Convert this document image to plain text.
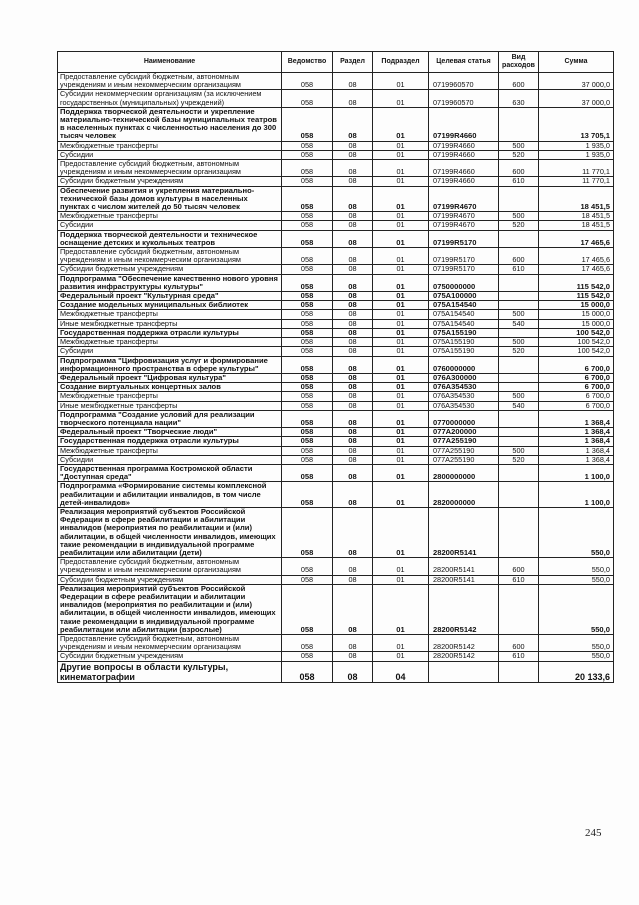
Наименование	Ведомство	Раздел	Подраздел	Целевая статья	Вид расходов	Сумма
Предоставление субсидий бюджетным, автономным учреждениям и иным некоммерческим организациям	058	08	01	0719960570	600	37 000,0
Субсидии некоммерческим организациям (за исключением государственных (муниципальных) учреждений)	058	08	01	0719960570	630	37 000,0
Поддержка творческой деятельности и укрепление материально-технической базы муниципальных театров в населенных пунктах с численностью населения до 300 тысяч человек	058	08	01	07199R4660		13 705,1
Межбюджетные трансферты	058	08	01	07199R4660	500	1 935,0
Субсидии	058	08	01	07199R4660	520	1 935,0
Предоставление субсидий бюджетным, автономным учреждениям и иным некоммерческим организациям	058	08	01	07199R4660	600	11 770,1
Субсидии бюджетным учреждениям	058	08	01	07199R4660	610	11 770,1
Обеспечение развития и укрепления материально-технической базы домов культуры в населенных пунктах с числом жителей до 50 тысяч человек	058	08	01	07199R4670		18 451,5
Межбюджетные трансферты	058	08	01	07199R4670	500	18 451,5
Субсидии	058	08	01	07199R4670	520	18 451,5
Поддержка творческой деятельности и техническое оснащение детских и кукольных театров	058	08	01	07199R5170		17 465,6
Предоставление субсидий бюджетным, автономным учреждениям и иным некоммерческим организациям	058	08	01	07199R5170	600	17 465,6
Субсидии бюджетным учреждениям	058	08	01	07199R5170	610	17 465,6
Подпрограмма "Обеспечение качественно нового уровня развития инфраструктуры культуры"	058	08	01	0750000000		115 542,0
Федеральный проект "Культурная среда"	058	08	01	075A100000		115 542,0
Создание модельных муниципальных библиотек	058	08	01	075A154540		15 000,0
Межбюджетные трансферты	058	08	01	075A154540	500	15 000,0
Иные межбюджетные трансферты	058	08	01	075A154540	540	15 000,0
Государственная поддержка отрасли культуры	058	08	01	075A155190		100 542,0
Межбюджетные трансферты	058	08	01	075A155190	500	100 542,0
Субсидии	058	08	01	075A155190	520	100 542,0
Подпрограмма "Цифровизация услуг и формирование информационного пространства в сфере культуры"	058	08	01	0760000000		6 700,0
Федеральный проект "Цифровая культура"	058	08	01	076A300000		6 700,0
Создание виртуальных концертных залов	058	08	01	076A354530		6 700,0
Межбюджетные трансферты	058	08	01	076A354530	500	6 700,0
Иные межбюджетные трансферты	058	08	01	076A354530	540	6 700,0
Подпрограмма "Создание условий для реализации творческого потенциала нации"	058	08	01	0770000000		1 368,4
Федеральный проект "Творческие люди"	058	08	01	077A200000		1 368,4
Государственная поддержка отрасли культуры	058	08	01	077A255190		1 368,4
Межбюджетные трансферты	058	08	01	077A255190	500	1 368,4
Субсидии	058	08	01	077A255190	520	1 368,4
Государственная программа Костромской области "Доступная среда"	058	08	01	2800000000		1 100,0
Подпрограмма «Формирование системы комплексной реабилитации и абилитации инвалидов, в том числе детей-инвалидов»	058	08	01	2820000000		1 100,0
Реализация мероприятий субъектов Российской Федерации в сфере реабилитации и абилитации инвалидов (мероприятия по реабилитации и (или) абилитации, в общей численности инвалидов, имеющих такие рекомендации в индивидуальной программе реабилитации или абилитации (дети)	058	08	01	28200R5141		550,0
Предоставление субсидий бюджетным, автономным учреждениям и иным некоммерческим организациям	058	08	01	28200R5141	600	550,0
Субсидии бюджетным учреждениям	058	08	01	28200R5141	610	550,0
Реализация мероприятий субъектов Российской Федерации в сфере реабилитации и абилитации инвалидов (мероприятия по реабилитации и (или) абилитации, в общей численности инвалидов, имеющих такие рекомендации в индивидуальной программе реабилитации или абилитации (взрослые)	058	08	01	28200R5142		550,0
Предоставление субсидий бюджетным, автономным учреждениям и иным некоммерческим организациям	058	08	01	28200R5142	600	550,0
Субсидии бюджетным учреждениям	058	08	01	28200R5142	610	550,0
Другие вопросы в области культуры, кинематографии	058	08	04			20 133,6
245
